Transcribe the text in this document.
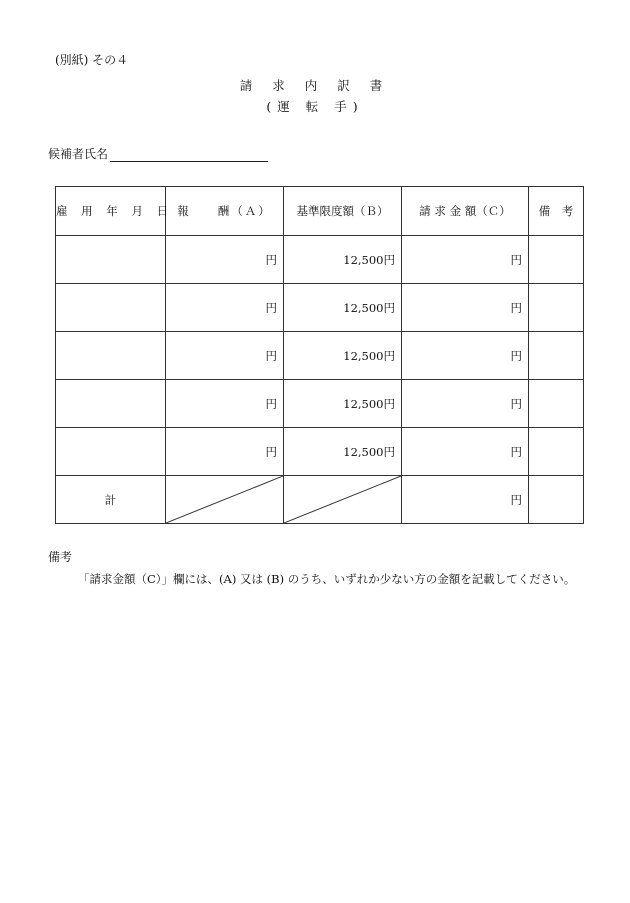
(別紙) その４
請 求 内 訳 書
(運 転 手)
候補者氏名
雇 用 年 月 日	報　　酬（Ａ）	基準限度額（Ｂ）	請 求 金 額（Ｃ）	備　考
	円	12,500円	円	
	円	12,500円	円	
	円	12,500円	円	
	円	12,500円	円	
	円	12,500円	円	
計			円	
備考
「請求金額（C）」欄には、(A) 又は (B) のうち、いずれか少ない方の金額を記載してください。
